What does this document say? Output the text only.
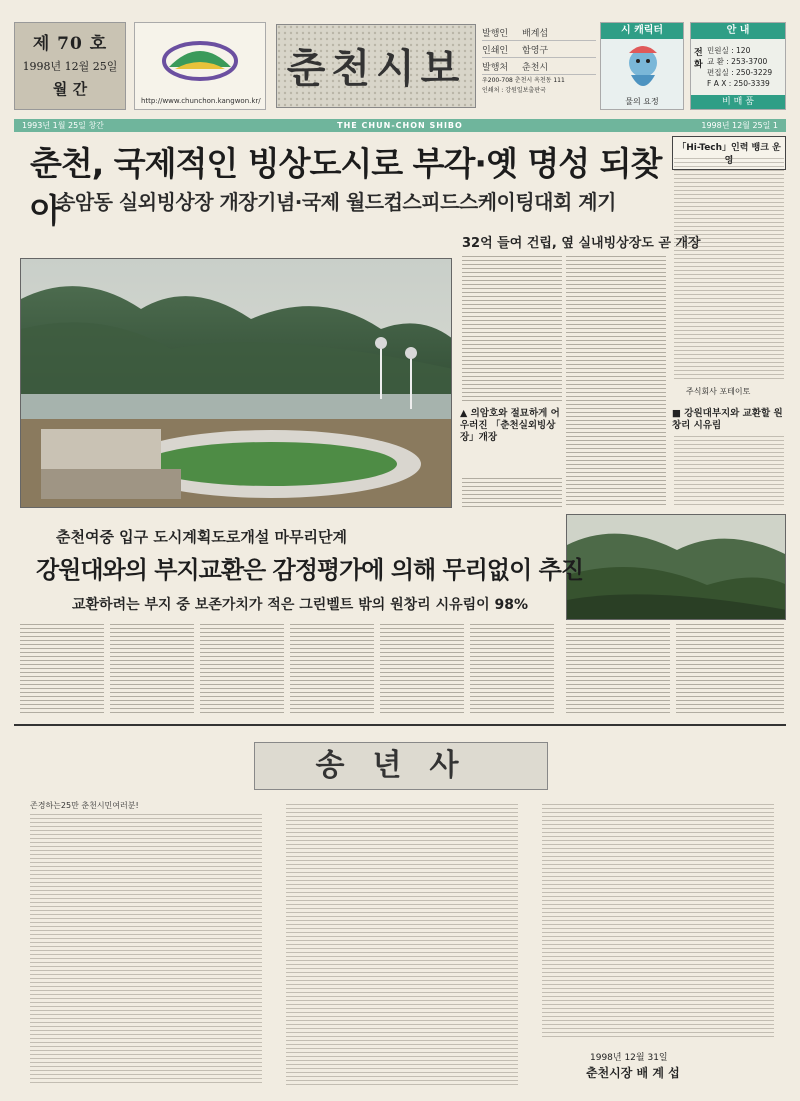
제 70 호
1998년 12월 25일
월 간
http://www.chunchon.kangwon.kr/
춘천시보
발행인	배계섭
인쇄인	함영구
발행처	춘천시
우200-708 춘천시 옥천동 111
인쇄처 : 강원일보출판국
시 캐릭터
물의 요정
안 내
전화
민원실 : 120
교 환 : 253-3700
편집실 : 250-3229
F A X : 250-3339
비 매 품
THE CHUN-CHON SHIBO
1993년 1월 25일 창간	1998년 12월 25일 1
춘천, 국제적인 빙상도시로 부각·옛 명성 되찾아
송암동 실외빙상장 개장기념·국제 월드컵스피드스케이팅대회 계기
32억 들여 건립, 옆 실내빙상장도 곧 개장
▲ 의암호와 절묘하게 어우러진 「춘천실외빙상장」개장
「Hi-Tech」인력 뱅크 운영
주식회사 포테이토
■ 강원대부지와 교환할 원창리 시유림
춘천여중 입구 도시계획도로개설 마무리단계
강원대와의 부지교환은 감정평가에 의해 무리없이 추진
교환하려는 부지 중 보존가치가 적은 그린벨트 밖의 원창리 시유림이 98%
송년사
존경하는25만 춘천시민여러분!
1998년 12월 31일
춘천시장 배 계 섭
